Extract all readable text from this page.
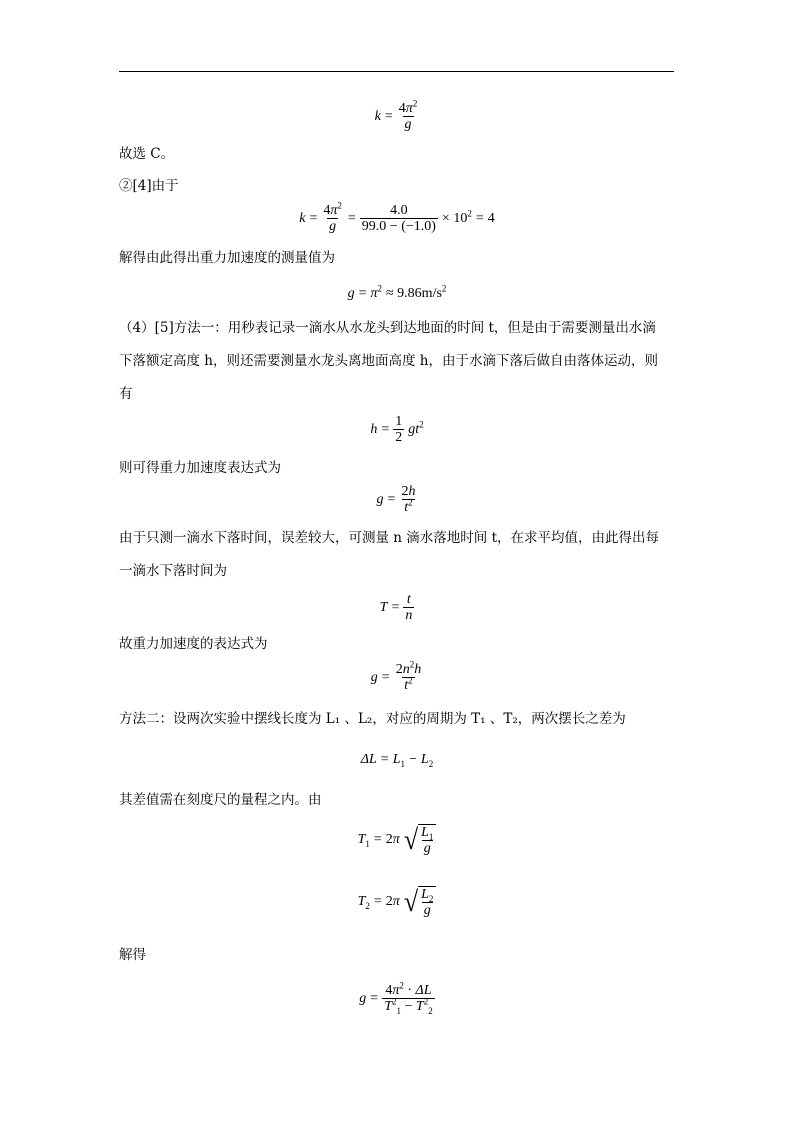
$k = \frac{4\pi^2}{g}$
故选 C。
②[4]由于
$k = \frac{4\pi^2}{g} = \frac{4.0}{99.0 - (-1.0)} \times 10^2 = 4$
解得由此得出重力加速度的测量值为
$g = \pi^2 \approx 9.86m/s^2$
（4）[5]方法一：用秒表记录一滴水从水龙头到达地面的时间 t，但是由于需要测量出水滴
下落额定高度 h，则还需要测量水龙头离地面高度 h，由于水滴下落后做自由落体运动，则
有
$h = \frac{1}{2} gt^2$
则可得重力加速度表达式为
$g = \frac{2h}{t^2}$
由于只测一滴水下落时间，误差较大，可测量 n 滴水落地时间 t，在求平均值，由此得出每
一滴水下落时间为
$T = \frac{t}{n}$
故重力加速度的表达式为
$g = \frac{2n^2h}{t^2}$
方法二：设两次实验中摆线长度为 L₁ 、L₂，对应的周期为 T₁ 、T₂，两次摆长之差为
$\Delta L = L_1 - L_2$
其差值需在刻度尺的量程之内。由
$T_1 = 2\pi$ √ $L_1$
g
$T_2 = 2\pi$ √ $L_2$
g
解得
$g = \frac{4\pi^2 \cdot \Delta L}{T^2_1 - T^2_2}$
